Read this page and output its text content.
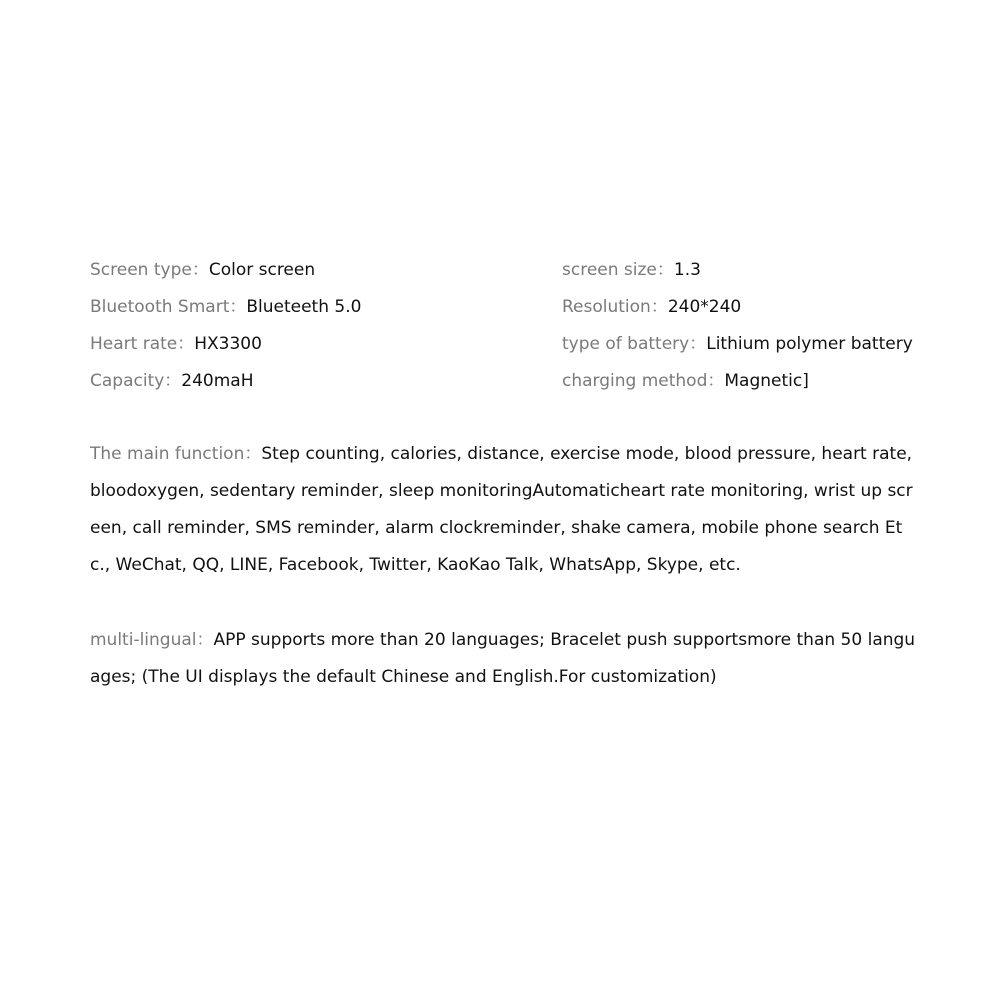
Screen type：Color screen	screen size：1.3
Bluetooth Smart：Blueteeth 5.0	Resolution：240*240
Heart rate：HX3300	type of battery：Lithium polymer battery
Capacity：240maH	charging method：Magnetic]
The main function：Step counting, calories, distance, exercise mode, blood pressure, heart rate, bloodoxygen, sedentary reminder, sleep monitoringAutomaticheart rate monitoring, wrist up screen, call reminder, SMS reminder, alarm clockreminder, shake camera, mobile phone search Etc., WeChat, QQ, LINE, Facebook, Twitter, KaoKao Talk, WhatsApp, Skype, etc.
multi-lingual：APP supports more than 20 languages; Bracelet push supportsmore than 50 languages; (The UI displays the default Chinese and English.For customization)
